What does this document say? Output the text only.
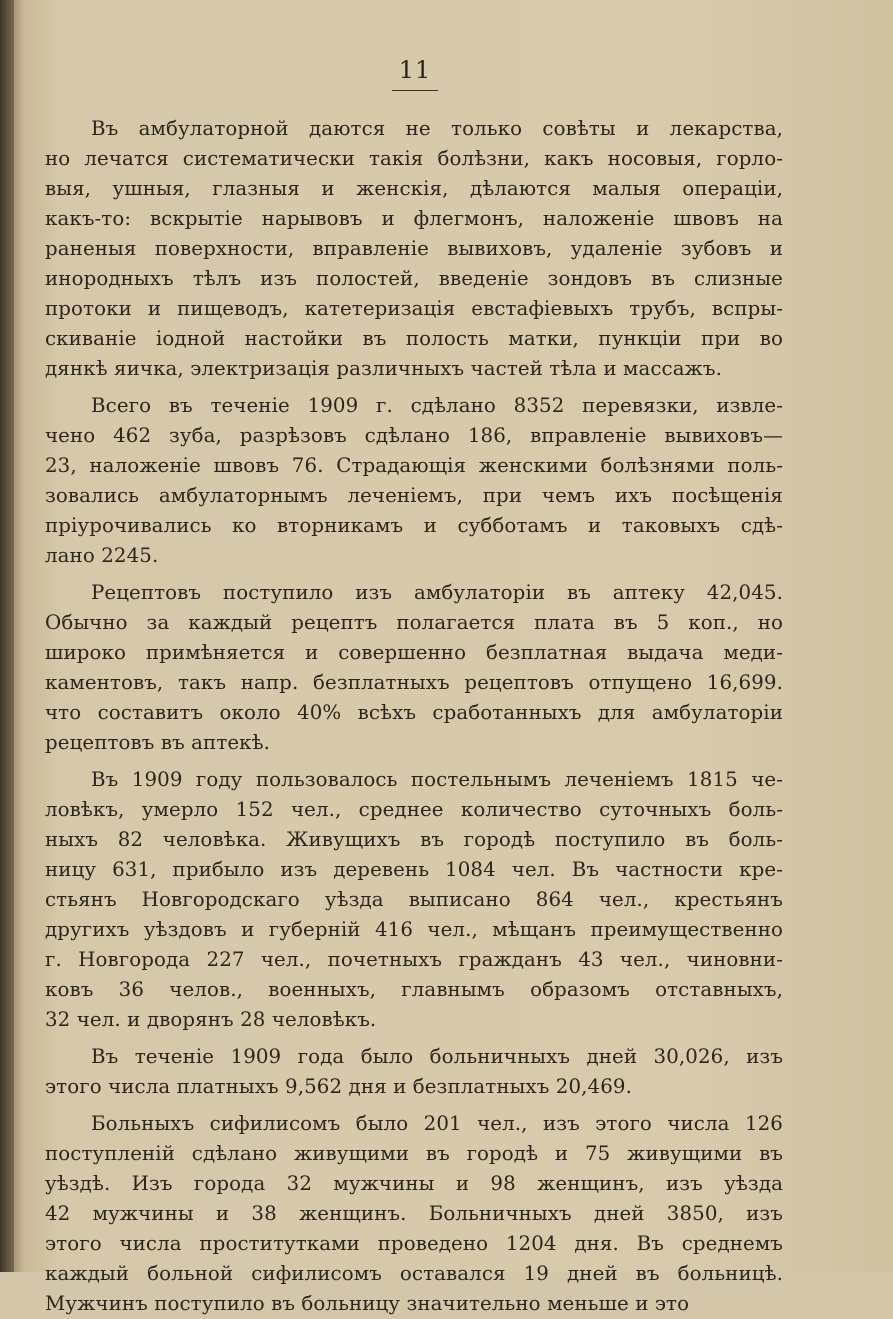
11
Въ амбулаторной даются не только совѣты и лекарства,
но лечатся систематически такія болѣзни, какъ носовыя, горло-
выя, ушныя, глазныя и женскія, дѣлаются малыя операціи,
какъ-то: вскрытіе нарывовъ и флегмонъ, наложеніе швовъ на
раненыя поверхности, вправленіе вывиховъ, удаленіе зубовъ и
инородныхъ тѣлъ изъ полостей, введеніе зондовъ въ слизные
протоки и пищеводъ, катетеризація евстафіевыхъ трубъ, вспры-
скиваніе іодной настойки въ полость матки, пункціи при во
дянкѣ яичка, электризація различныхъ частей тѣла и массажъ.
Всего въ теченіе 1909 г. сдѣлано 8352 перевязки, извле-
чено 462 зуба, разрѣзовъ сдѣлано 186, вправленіе вывиховъ—
23, наложеніе швовъ 76. Страдающія женскими болѣзнями поль-
зовались амбулаторнымъ леченіемъ, при чемъ ихъ посѣщенія
пріурочивались ко вторникамъ и субботамъ и таковыхъ сдѣ-
лано 2245.
Рецептовъ поступило изъ амбулаторіи въ аптеку 42,045.
Обычно за каждый рецептъ полагается плата въ 5 коп., но
широко примѣняется и совершенно безплатная выдача меди-
каментовъ, такъ напр. безплатныхъ рецептовъ отпущено 16,699.
что составитъ около 40% всѣхъ сработанныхъ для амбулаторіи
рецептовъ въ аптекѣ.
Въ 1909 году пользовалось постельнымъ леченіемъ 1815 че-
ловѣкъ, умерло 152 чел., среднее количество суточныхъ боль-
ныхъ 82 человѣка. Живущихъ въ городѣ поступило въ боль-
ницу 631, прибыло изъ деревень 1084 чел. Въ частности кре-
стьянъ Новгородскаго уѣзда выписано 864 чел., крестьянъ
другихъ уѣздовъ и губерній 416 чел., мѣщанъ преимущественно
г. Новгорода 227 чел., почетныхъ гражданъ 43 чел., чиновни-
ковъ 36 челов., военныхъ, главнымъ образомъ отставныхъ,
32 чел. и дворянъ 28 человѣкъ.
Въ теченіе 1909 года было больничныхъ дней 30,026, изъ
этого числа платныхъ 9,562 дня и безплатныхъ 20,469.
Больныхъ сифилисомъ было 201 чел., изъ этого числа 126
поступленій сдѣлано живущими въ городѣ и 75 живущими въ
уѣздѣ. Изъ города 32 мужчины и 98 женщинъ, изъ уѣзда
42 мужчины и 38 женщинъ. Больничныхъ дней 3850, изъ
этого числа проститутками проведено 1204 дня. Въ среднемъ
каждый больной сифилисомъ оставался 19 дней въ больницѣ.
Мужчинъ поступило въ больницу значительно меньше и это
